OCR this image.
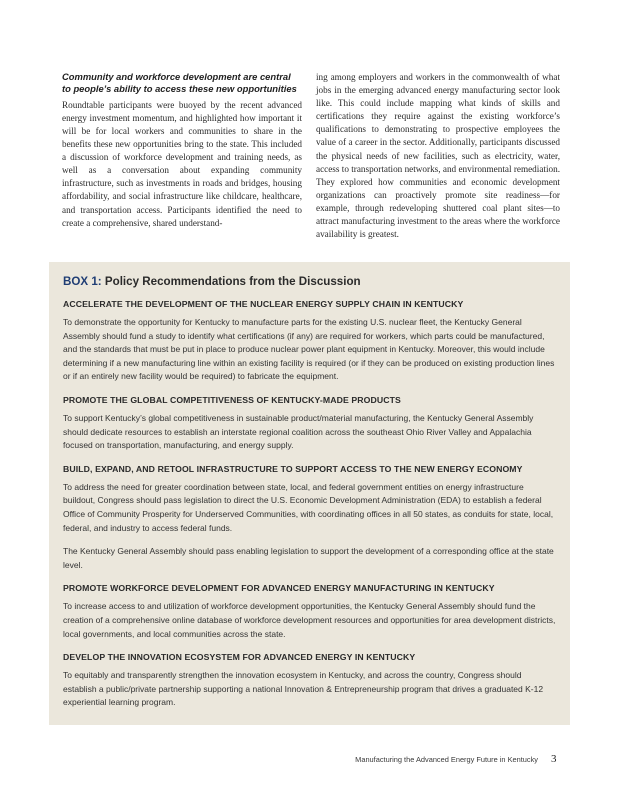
Community and workforce development are central to people’s ability to access these new opportunities

Roundtable participants were buoyed by the recent advanced energy investment momentum, and highlighted how important it will be for local workers and communities to share in the benefits these new opportunities bring to the state. This included a discussion of workforce development and training needs, as well as a conversation about expanding community infrastructure, such as investments in roads and bridges, housing affordability, and social infrastructure like childcare, healthcare, and transportation access. Participants identified the need to create a comprehensive, shared understand-

ing among employers and workers in the commonwealth of what jobs in the emerging advanced energy manufacturing sector look like. This could include mapping what kinds of skills and certifications they require against the existing workforce’s qualifications to demonstrating to prospective employees the value of a career in the sector. Additionally, participants discussed the physical needs of new facilities, such as electricity, water, access to transportation networks, and environmental remediation. They explored how communities and economic development organizations can proactively promote site readiness—for example, through redeveloping shuttered coal plant sites—to attract manufacturing investment to the areas where the workforce availability is greatest.

BOX 1: Policy Recommendations from the Discussion
ACCELERATE THE DEVELOPMENT OF THE NUCLEAR ENERGY SUPPLY CHAIN IN KENTUCKY
To demonstrate the opportunity for Kentucky to manufacture parts for the existing U.S. nuclear fleet, the Kentucky General Assembly should fund a study to identify what certifications (if any) are required for workers, which parts could be manufactured, and the standards that must be put in place to produce nuclear power plant equipment in Kentucky. Moreover, this would include determining if a new manufacturing line within an existing facility is required (or if they can be produced on existing production lines or if an entirely new facility would be required) to fabricate the equipment.
PROMOTE THE GLOBAL COMPETITIVENESS OF KENTUCKY-MADE PRODUCTS
To support Kentucky’s global competitiveness in sustainable product/material manufacturing, the Kentucky General Assembly should dedicate resources to establish an interstate regional coalition across the southeast Ohio River Valley and Appalachia focused on transportation, manufacturing, and energy supply.
BUILD, EXPAND, AND RETOOL INFRASTRUCTURE TO SUPPORT ACCESS TO THE NEW ENERGY ECONOMY
To address the need for greater coordination between state, local, and federal government entities on energy infrastructure buildout, Congress should pass legislation to direct the U.S. Economic Development Administration (EDA) to establish a federal Office of Community Prosperity for Underserved Communities, with coordinating offices in all 50 states, as conduits for state, local, federal, and industry to access federal funds.
The Kentucky General Assembly should pass enabling legislation to support the development of a corresponding office at the state level.
PROMOTE WORKFORCE DEVELOPMENT FOR ADVANCED ENERGY MANUFACTURING IN KENTUCKY
To increase access to and utilization of workforce development opportunities, the Kentucky General Assembly should fund the creation of a comprehensive online database of workforce development resources and opportunities for area development districts, local governments, and local communities across the state.
DEVELOP THE INNOVATION ECOSYSTEM FOR ADVANCED ENERGY IN KENTUCKY
To equitably and transparently strengthen the innovation ecosystem in Kentucky, and across the country, Congress should establish a public/private partnership supporting a national Innovation & Entrepreneurship program that drives a graduated K-12 experiential learning program.
Manufacturing the Advanced Energy Future in Kentucky 3
